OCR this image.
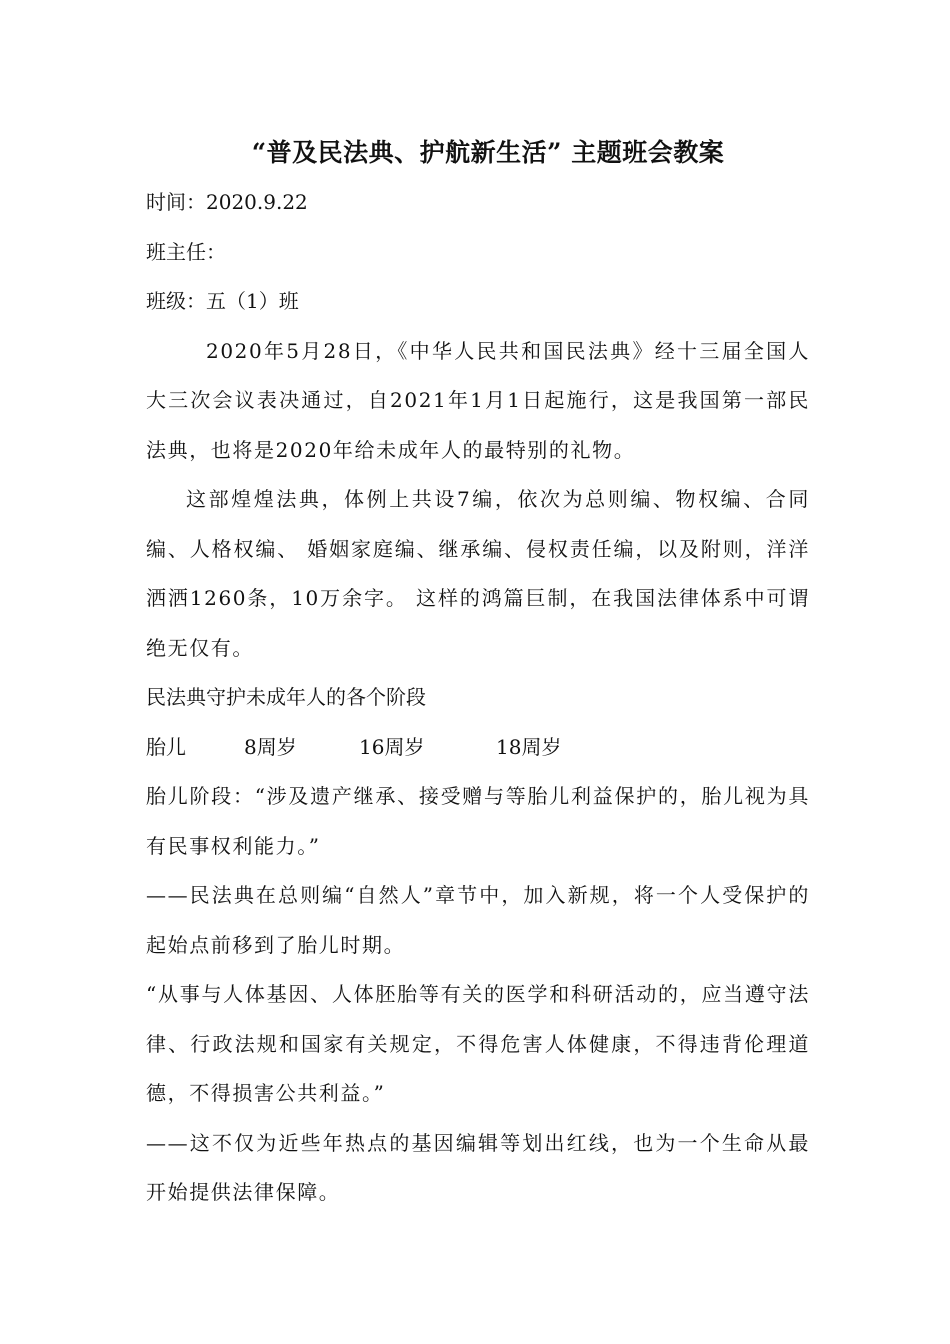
“普及民法典、护航新生活” 主题班会教案

时间：2020.9.22

班主任：

班级：五（1）班

2020年5月28日，《中华人民共和国民法典》经十三届全国人大三次会议表决通过，自2021年1月1日起施行，这是我国第一部民法典，也将是2020年给未成年人的最特别的礼物。

这部煌煌法典，体例上共设7编，依次为总则编、物权编、合同编、人格权编、 婚姻家庭编、继承编、侵权责任编，以及附则，洋洋洒洒1260条，10万余字。 这样的鸿篇巨制，在我国法律体系中可谓绝无仅有。

民法典守护未成年人的各个阶段

胎儿	8周岁	16周岁	18周岁

胎儿阶段：“涉及遗产继承、接受赠与等胎儿利益保护的，胎儿视为具有民事权利能力。”

——民法典在总则编“自然人”章节中，加入新规，将一个人受保护的起始点前移到了胎儿时期。

“从事与人体基因、人体胚胎等有关的医学和科研活动的，应当遵守法律、行政法规和国家有关规定，不得危害人体健康，不得违背伦理道德，不得损害公共利益。”

——这不仅为近些年热点的基因编辑等划出红线，也为一个生命从最开始提供法律保障。
